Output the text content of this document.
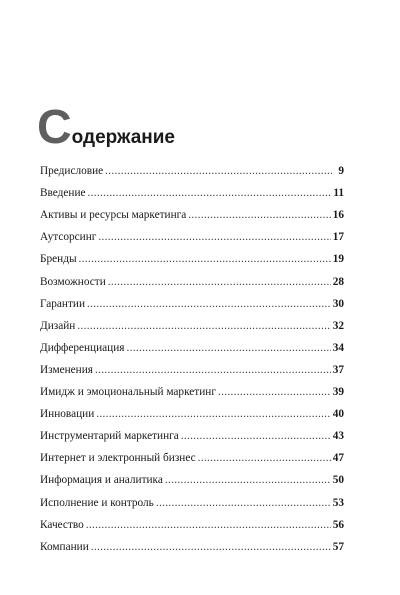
Содержание
Предисловие .....	9
Введение .....	11
Активы и ресурсы маркетинга .....	16
Аутсорсинг .....	17
Бренды .....	19
Возможности .....	28
Гарантии .....	30
Дизайн .....	32
Дифференциация .....	34
Изменения .....	37
Имидж и эмоциональный маркетинг .....	39
Инновации .....	40
Инструментарий маркетинга .....	43
Интернет и электронный бизнес .....	47
Информация и аналитика .....	50
Исполнение и контроль .....	53
Качество .....	56
Компании .....	57
